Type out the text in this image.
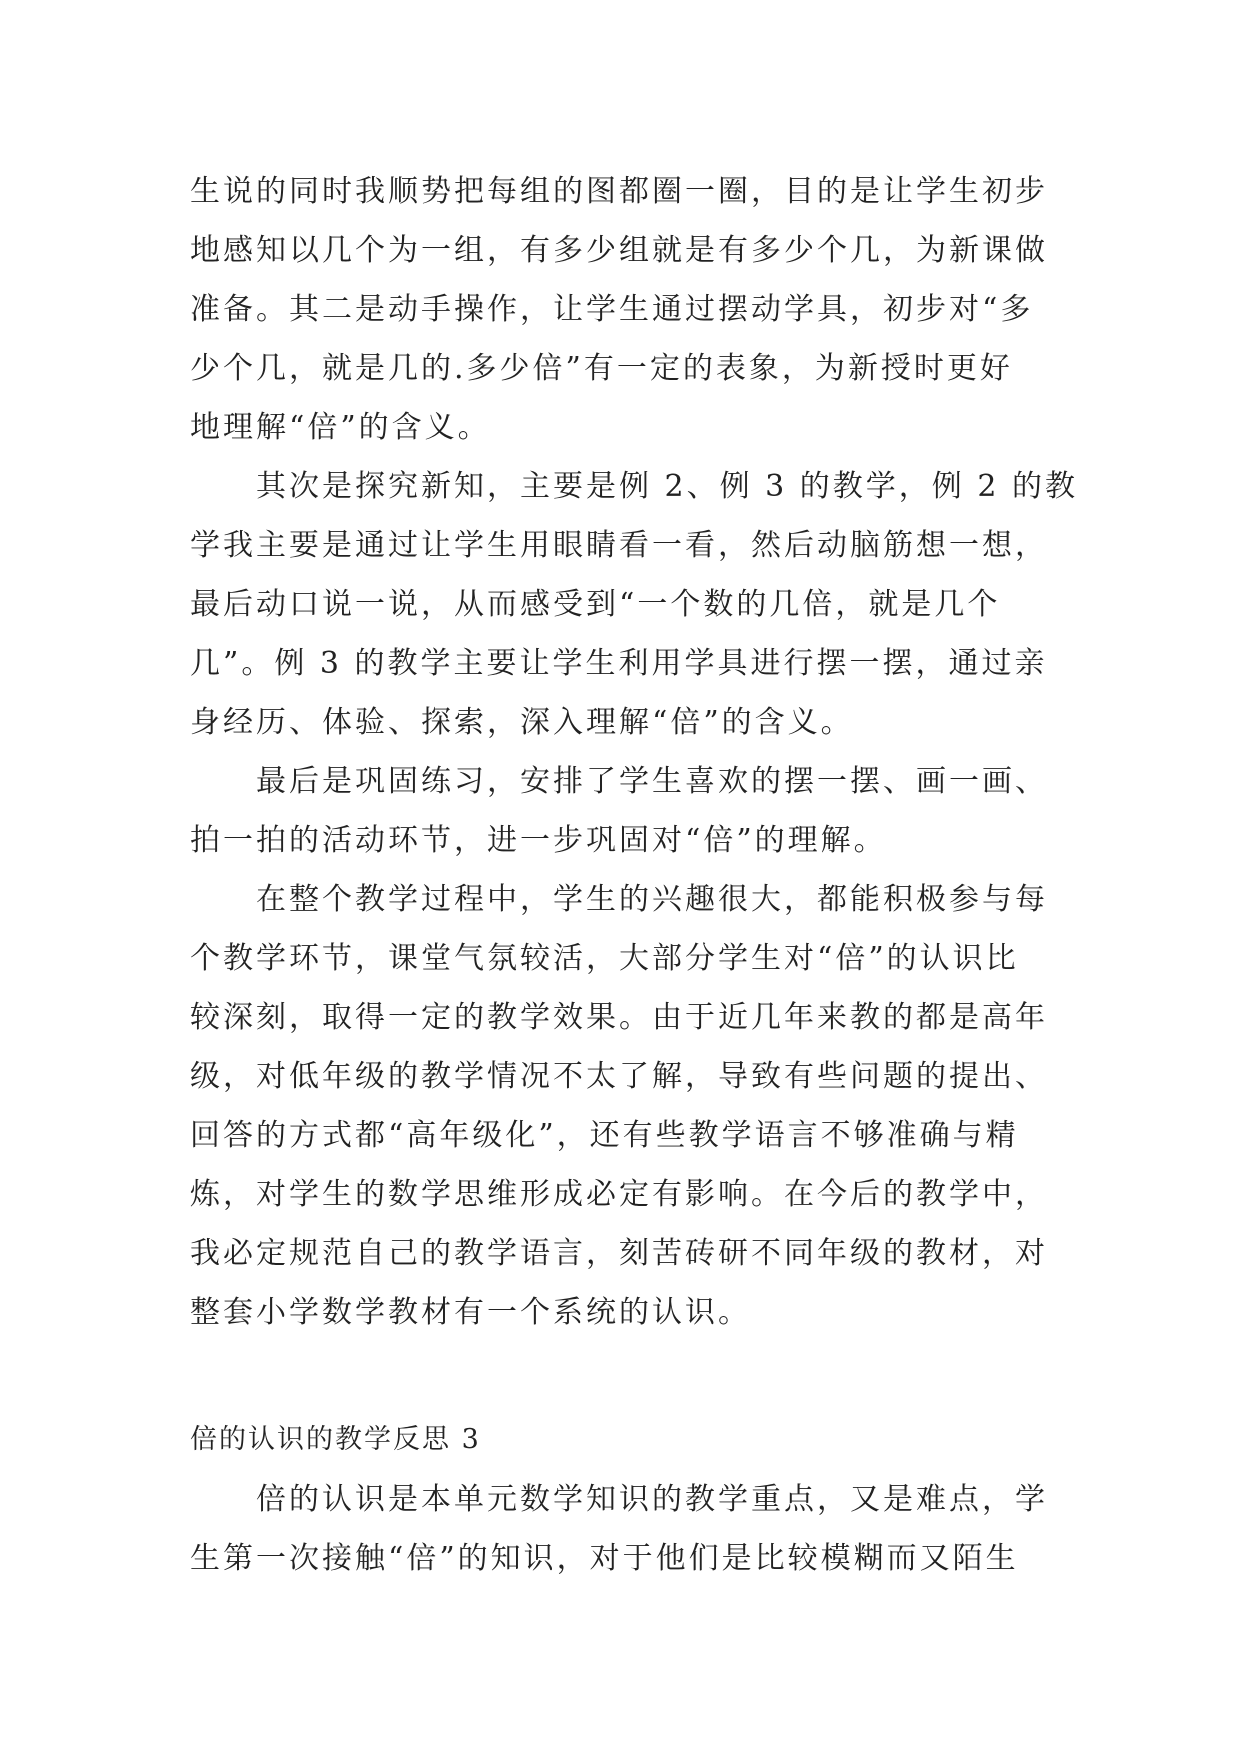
生说的同时我顺势把每组的图都圈一圈，目的是让学生初步
地感知以几个为一组，有多少组就是有多少个几，为新课做
准备。其二是动手操作，让学生通过摆动学具，初步对“多
少个几，就是几的.多少倍”有一定的表象，为新授时更好
地理解“倍”的含义。
其次是探究新知，主要是例 2、例 3 的教学，例 2 的教
学我主要是通过让学生用眼睛看一看，然后动脑筋想一想，
最后动口说一说，从而感受到“一个数的几倍，就是几个
几”。例 3 的教学主要让学生利用学具进行摆一摆，通过亲
身经历、体验、探索，深入理解“倍”的含义。
最后是巩固练习，安排了学生喜欢的摆一摆、画一画、
拍一拍的活动环节，进一步巩固对“倍”的理解。
在整个教学过程中，学生的兴趣很大，都能积极参与每
个教学环节，课堂气氛较活，大部分学生对“倍”的认识比
较深刻，取得一定的教学效果。由于近几年来教的都是高年
级，对低年级的教学情况不太了解，导致有些问题的提出、
回答的方式都“高年级化”，还有些教学语言不够准确与精
炼，对学生的数学思维形成必定有影响。在今后的教学中，
我必定规范自己的教学语言，刻苦砖研不同年级的教材，对
整套小学数学教材有一个系统的认识。
倍的认识的教学反思 3
倍的认识是本单元数学知识的教学重点，又是难点，学
生第一次接触“倍”的知识，对于他们是比较模糊而又陌生
